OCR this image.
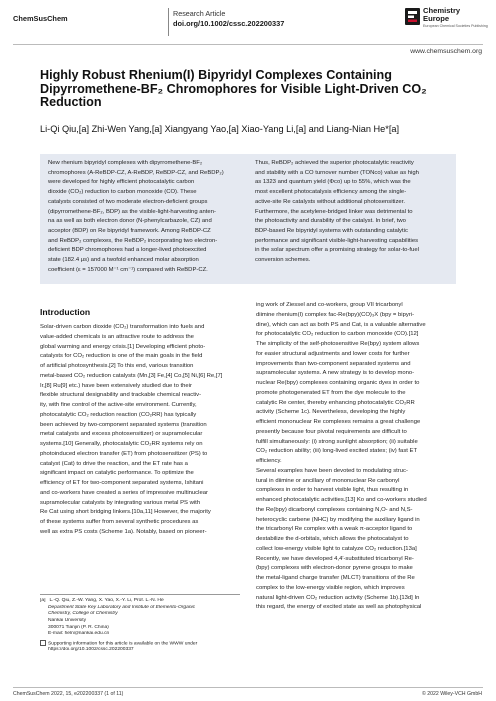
ChemSusChem
Research Article
doi.org/10.1002/cssc.202200337
Chemistry
Europe
European Chemical Societies Publishing
www.chemsuschem.org
Highly Robust Rhenium(I) Bipyridyl Complexes Containing Dipyrromethene-BF₂ Chromophores for Visible Light-Driven CO₂ Reduction
Li-Qi Qiu,[a] Zhi-Wen Yang,[a] Xiangyang Yao,[a] Xiao-Yang Li,[a] and Liang-Nian He*[a]
New rhenium bipyridyl complexes with dipyrromethene-BF₂
chromophores (A-ReBDP-CZ, A-ReBDP, ReBDP-CZ, and ReBDP₂)
were developed for highly efficient photocatalytic carbon
dioxide (CO₂) reduction to carbon monoxide (CO). These
catalysts consisted of two moderate electron-deficient groups
(dipyrromethene-BF₂, BDP) as the visible-light-harvesting anten-
na as well as both electron donor (N-phenylcarbazole, CZ) and
acceptor (BDP) on Re bipyridyl framework. Among ReBDP-CZ
and ReBDP₂ complexes, the ReBDP₂ incorporating two electron-
deficient BDP chromophores had a longer-lived photoexcited
state (182.4 μs) and a twofold enhanced molar absorption
coefficient (ε = 157000 M⁻¹ cm⁻¹) compared with ReBDP-CZ.
Thus, ReBDP₂ achieved the superior photocatalytic reactivity
and stability with a CO turnover number (TONᴄᴏ) value as high
as 1323 and quantum yield (Φᴄᴏ) up to 55%, which was the
most excellent photocatalysis efficiency among the single-
active-site Re catalysts without additional photosensitizer.
Furthermore, the acetylene-bridged linker was detrimental to
the photoactivity and durability of the catalyst. In brief, two
BDP-based Re bipyridyl systems with outstanding catalytic
performance and significant visible-light-harvesting capabilities
in the solar spectrum offer a promising strategy for solar-to-fuel
conversion schemes.
Introduction
Solar-driven carbon dioxide (CO₂) transformation into fuels and
value-added chemicals is an attractive route to address the
global warming and energy crisis.[1] Developing efficient photo-
catalysts for CO₂ reduction is one of the main goals in the field
of artificial photosynthesis.[2] To this end, various transition
metal-based CO₂ reduction catalysts (Mn,[3] Fe,[4] Co,[5] Ni,[6] Re,[7]
Ir,[8] Ru[9] etc.) have been extensively studied due to their
flexible structural designability and trackable chemical reactiv-
ity, with fine control of the active-site environment. Currently,
photocatalytic CO₂ reduction reaction (CO₂RR) has typically
been achieved by two-component separated systems (transition
metal catalysts and excess photosensitizer) or supramolecular
systems.[10] Generally, photocatalytic CO₂RR systems rely on
photoinduced electron transfer (ET) from photosensitizer (PS) to
catalyst (Cat) to drive the reaction, and the ET rate has a
significant impact on catalytic performance. To optimize the
efficiency of ET for two-component separated systems, Ishitani
and co-workers have created a series of impressive multinuclear
supramolecular catalysts by integrating various metal PS with
Re Cat using short bridging linkers.[10a,11] However, the majority
of these systems suffer from several synthetic procedures as
well as extra PS costs (Scheme 1a). Notably, based on pioneer-
ing work of Ziessel and co-workers, group VII tricarbonyl
diimine rhenium(I) complex fac-Re(bpy)(CO)₃X (bpy = bipyri-
dine), which can act as both PS and Cat, is a valuable alternative
for photocatalytic CO₂ reduction to carbon monoxide (CO).[12]
The simplicity of the self-photosensitive Re(bpy) system allows
for easier structural adjustments and lower costs for further
improvements than two-component separated systems and
supramolecular systems. A new strategy is to develop mono-
nuclear Re(bpy) complexes containing organic dyes in order to
promote photogenerated ET from the dye molecule to the
catalytic Re center, thereby enhancing photocatalytic CO₂RR
activity (Scheme 1c). Nevertheless, developing the highly
efficient mononuclear Re complexes remains a great challenge
presently because four pivotal requirements are difficult to
fulfill simultaneously: (i) strong sunlight absorption; (ii) suitable
CO₂ reduction ability; (iii) long-lived excited states; (iv) fast ET
efficiency.
Several examples have been devoted to modulating struc-
tural in diimine or ancillary of mononuclear Re carbonyl
complexes in order to harvest visible light, thus resulting in
enhanced photocatalytic activities.[13] Ko and co-workers studied
the Re(bpy) dicarbonyl complexes containing N,O- and N,S-
heterocyclic carbene (NHC) by modifying the auxiliary ligand in
the tricarbonyl Re complex with a weak π-acceptor ligand to
destabilize the d-orbitals, which allows the photocatalyst to
collect low-energy visible light to catalyze CO₂ reduction.[13a]
Recently, we have developed 4,4′-substituted tricarbonyl Re-
(bpy) complexes with electron-donor pyrene groups to make
the metal-ligand charge transfer (MLCT) transitions of the Re
complex to the low-energy visible region, which improves
natural light-driven CO₂ reduction activity (Scheme 1b).[13d] In
this regard, the energy of excited state as well as photophysical
[a] L.-Q. Qiu, Z.-W. Yang, X. Yao, X.-Y. Li, Prof. L.-N. He
Department State Key Laboratory and Institute of Elemento-Organic
Chemistry, College of Chemistry
Nankai University
300071 Tianjin (P. R. China)
E-mail: heln@nankai.edu.cn
Supporting information for this article is available on the WWW under
https://doi.org/10.1002/cssc.202200337
ChemSusChem 2022, 15, e202200337 (1 of 11)	© 2022 Wiley-VCH GmbH
